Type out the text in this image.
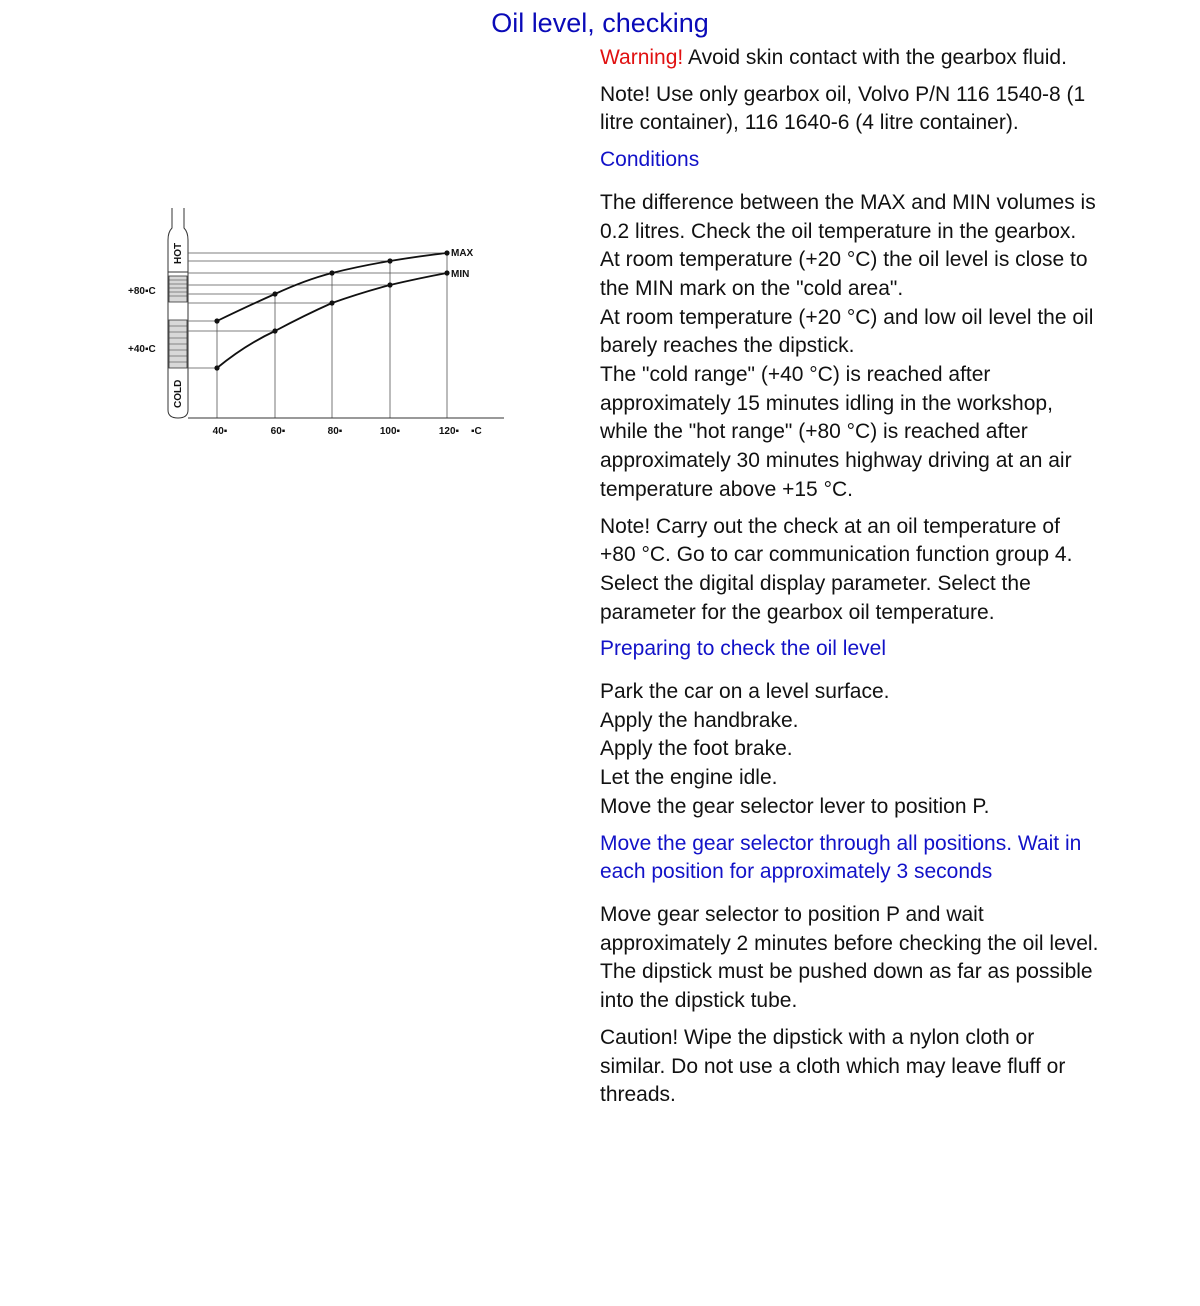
Oil level, checking
HOT
COLD
+80▪C
+40▪C
MAX
MIN
40▪	60▪	80▪	100▪	120▪ ▪C

Warning! Avoid skin contact with the gearbox fluid.

Note! Use only gearbox oil, Volvo P/N 116 1540-8 (1 litre container), 116 1640-6 (4 litre container).

Conditions

The difference between the MAX and MIN volumes is 0.2 litres. Check the oil temperature in the gearbox.
At room temperature (+20 °C) the oil level is close to the MIN mark on the "cold area".
At room temperature (+20 °C) and low oil level the oil barely reaches the dipstick.
The "cold range" (+40 °C) is reached after approximately 15 minutes idling in the workshop, while the "hot range" (+80 °C) is reached after approximately 30 minutes highway driving at an air temperature above +15 °C.

Note! Carry out the check at an oil temperature of +80 °C. Go to car communication function group 4. Select the digital display parameter. Select the parameter for the gearbox oil temperature.

Preparing to check the oil level

Park the car on a level surface.
Apply the handbrake.
Apply the foot brake.
Let the engine idle.
Move the gear selector lever to position P.

Move the gear selector through all positions. Wait in each position for approximately 3 seconds

Move gear selector to position P and wait approximately 2 minutes before checking the oil level.
The dipstick must be pushed down as far as possible into the dipstick tube.

Caution! Wipe the dipstick with a nylon cloth or similar. Do not use a cloth which may leave fluff or threads.
